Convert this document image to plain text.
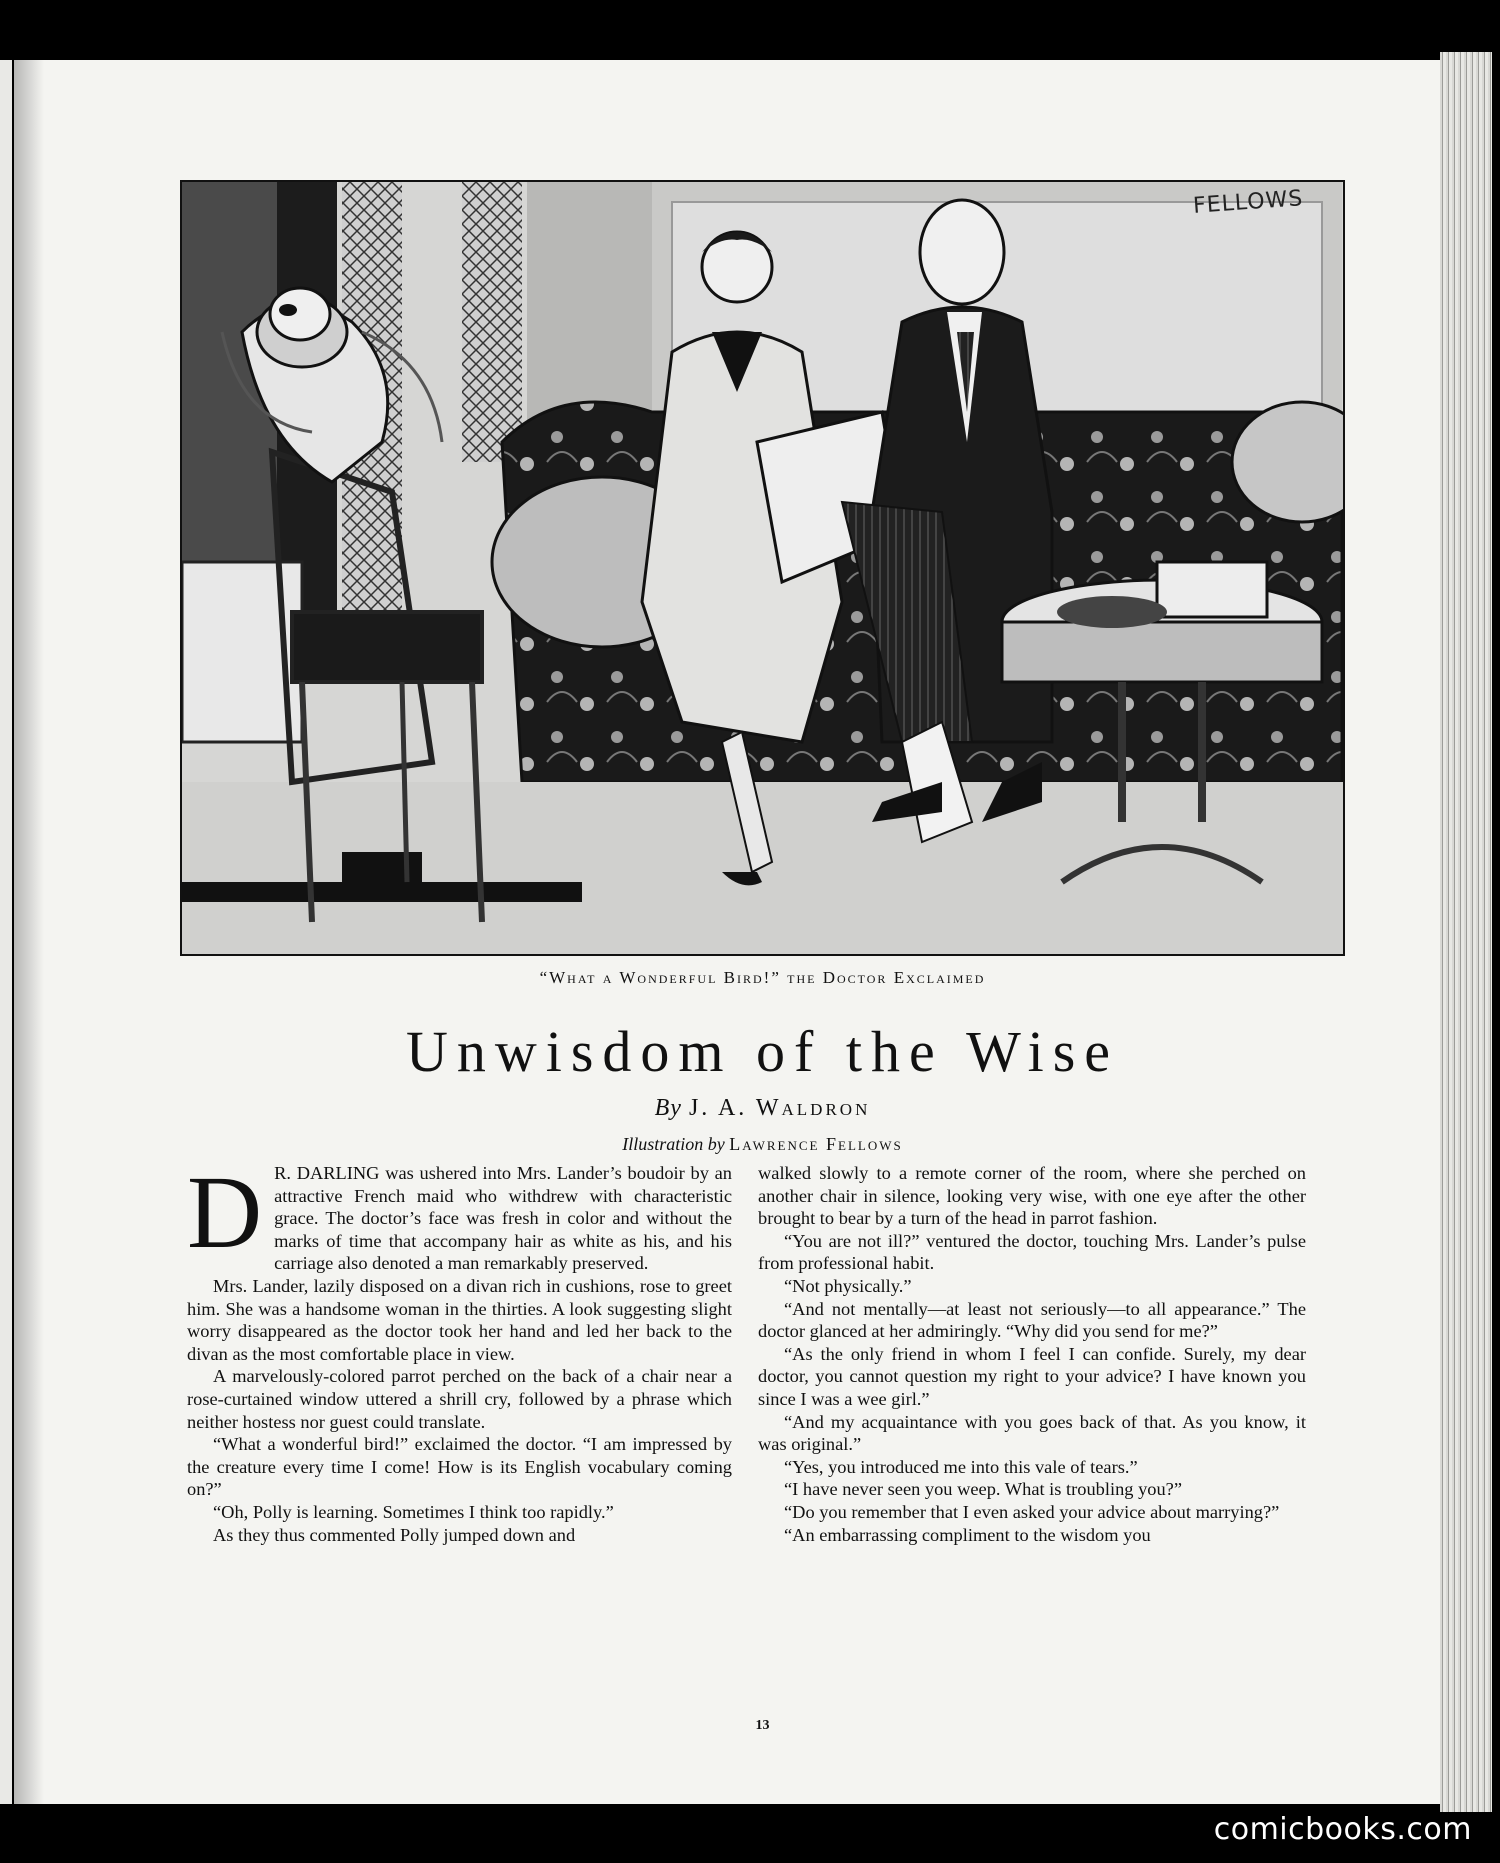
FELLOWS
“What a Wonderful Bird!” the Doctor Exclaimed
Unwisdom of the Wise
By J. A. Waldron
Illustration by Lawrence Fellows

D R. DARLING was ushered into Mrs. Lander’s boudoir by an attractive French maid who withdrew with characteristic grace. The doctor’s face was fresh in color and without the marks of time that accompany hair as white as his, and his carriage also denoted a man remarkably preserved.

Mrs. Lander, lazily disposed on a divan rich in cushions, rose to greet him. She was a handsome woman in the thirties. A look suggesting slight worry disappeared as the doctor took her hand and led her back to the divan as the most comfortable place in view.

A marvelously-colored parrot perched on the back of a chair near a rose-curtained window uttered a shrill cry, followed by a phrase which neither hostess nor guest could translate.

“What a wonderful bird!” exclaimed the doctor. “I am impressed by the creature every time I come! How is its English vocabulary coming on?”

“Oh, Polly is learning. Sometimes I think too rapidly.”

As they thus commented Polly jumped down and

walked slowly to a remote corner of the room, where she perched on another chair in silence, looking very wise, with one eye after the other brought to bear by a turn of the head in parrot fashion.

“You are not ill?” ventured the doctor, touching Mrs. Lander’s pulse from professional habit.

“Not physically.”

“And not mentally—at least not seriously—to all appearance.” The doctor glanced at her admiringly. “Why did you send for me?”

“As the only friend in whom I feel I can confide. Surely, my dear doctor, you cannot question my right to your advice? I have known you since I was a wee girl.”

“And my acquaintance with you goes back of that. As you know, it was original.”

“Yes, you introduced me into this vale of tears.”

“I have never seen you weep. What is troubling you?”

“Do you remember that I even asked your advice about marrying?”

“An embarrassing compliment to the wisdom you

13
comicbooks.com
